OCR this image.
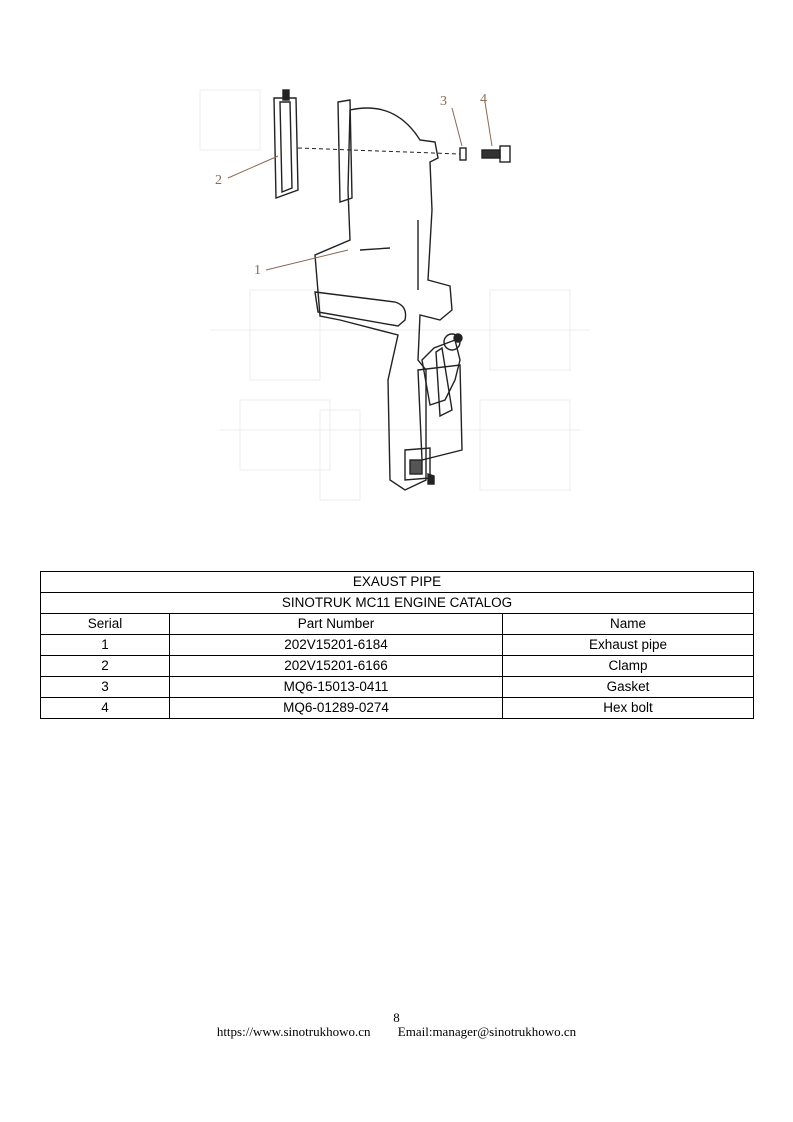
1
2
3 4
EXAUST PIPE		
SINOTRUK MC11 ENGINE CATALOG		
Serial	Part Number	Name
1	202V15201-6184	Exhaust pipe
2	202V15201-6166	Clamp
3	MQ6-15013-0411	Gasket
4	MQ6-01289-0274	Hex bolt
8
https://www.sinotrukhowo.cn Email:manager@sinotrukhowo.cn
